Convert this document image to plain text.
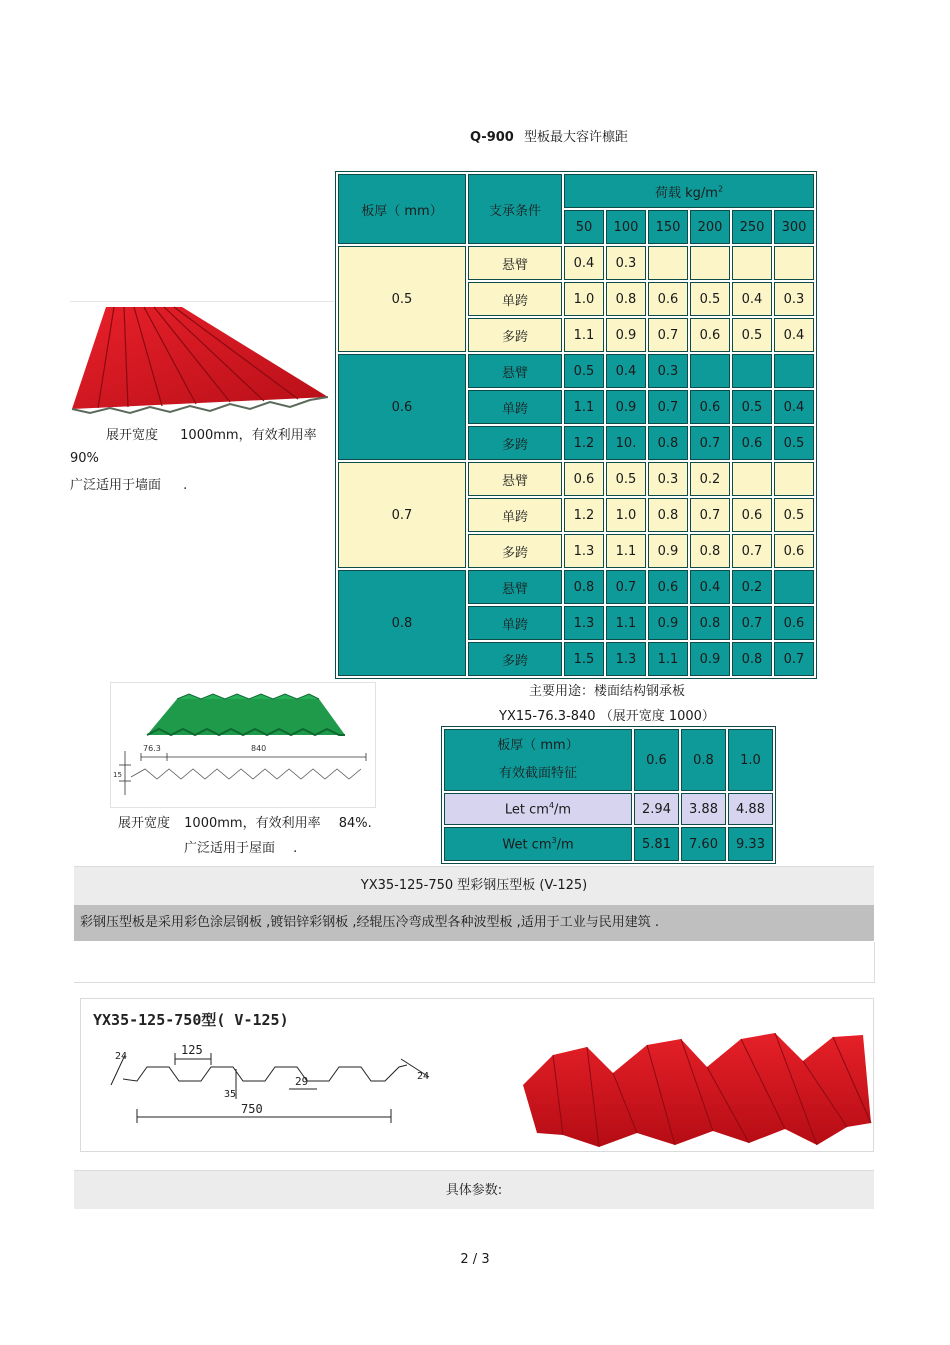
Q-900 型板最大容许檩距
板厚（ mm）	支承条件	荷载 $kg/m^2$
		50	100	150	200	250	300
0.5	悬臂	0.4	0.3				
	单跨	1.0	0.8	0.6	0.5	0.4	0.3
	多跨	1.1	0.9	0.7	0.6	0.5	0.4
0.6	悬臂	0.5	0.4	0.3			
	单跨	1.1	0.9	0.7	0.6	0.5	0.4
	多跨	1.2	10.	0.8	0.7	0.6	0.5
0.7	悬臂	0.6	0.5	0.3	0.2		
	单跨	1.2	1.0	0.8	0.7	0.6	0.5
	多跨	1.3	1.1	0.9	0.8	0.7	0.6
0.8	悬臂	0.8	0.7	0.6	0.4	0.2	
	单跨	1.3	1.1	0.9	0.8	0.7	0.6
	多跨	1.5	1.3	1.1	0.9	0.8	0.7
展开宽度 1000mm，有效利用率
90%
广泛适用于墙面 .
主要用途：楼面结构钢承板
YX15-76.3-840 （展开宽度 1000）
板厚（ mm）
有效截面特征	0.6	0.8	1.0
Let $cm^4/m$	2.94	3.88	4.88
Wet $cm^3/m$	5.81	7.60	9.33
76.3	840
15
展开宽度 1000mm，有效利用率 84%.
广泛适用于屋面 .
YX35-125-750 型彩钢压型板 (V-125)
彩钢压型板是采用彩色涂层钢板 ,镀铝锌彩钢板 ,经辊压冷弯成型各种波型板 ,适用于工业与民用建筑 .
YX35-125-750型( V-125)
125
24
24
35
29
750
具体参数:
2 / 3
